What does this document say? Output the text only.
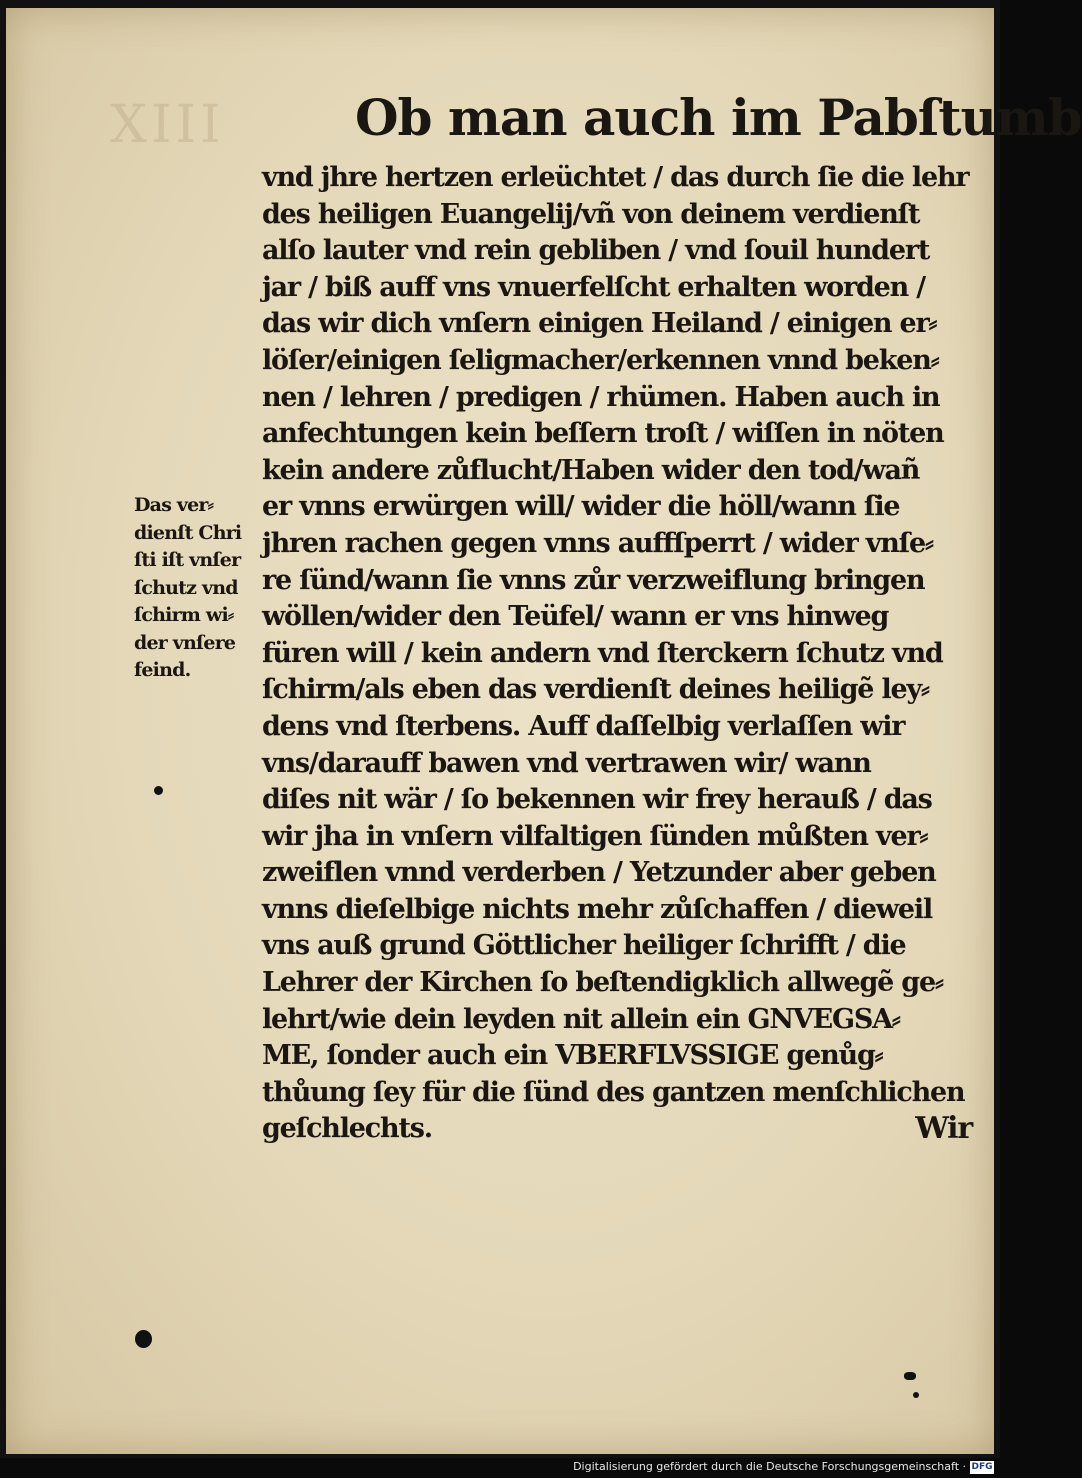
XIII	Ob man auch im Pabſtumb
vnd jhre hertzen erleüchtet / das durch ſie die lehr
des heiligen Euangelij/vñ von deinem verdienſt
alſo lauter vnd rein gebliben / vnd ſouil hundert
jar / biß auff vns vnuerfelſcht erhalten worden /
das wir dich vnſern einigen Heiland / einigen er⸗
löſer/einigen ſeligmacher/erkennen vnnd beken⸗
nen / lehren / predigen / rhümen. Haben auch in
anfechtungen kein beſſern troſt / wiſſen in nöten
kein andere zůflucht/Haben wider den tod/wañ
er vnns erwürgen will/ wider die höll/wann ſie
jhren rachen gegen vnns auffſperrt / wider vnſe⸗
re ſünd/wann ſie vnns zůr verzweiflung bringen
wöllen/wider den Teüfel/ wann er vns hinweg
füren will / kein andern vnd ſterckern ſchutz vnd
ſchirm/als eben das verdienſt deines heiligẽ ley⸗
dens vnd ſterbens. Auff daſſelbig verlaſſen wir
vns/darauff bawen vnd vertrawen wir/ wann
diſes nit wär / ſo bekennen wir frey herauß / das
wir jha in vnſern vilfaltigen ſünden můßten ver⸗
zweiflen vnnd verderben / Yetzunder aber geben
vnns dieſelbige nichts mehr zůſchaffen / dieweil
vns auß grund Göttlicher heiliger ſchrifft / die
Lehrer der Kirchen ſo beſtendigklich allwegẽ ge⸗
lehrt/wie dein leyden nit allein ein GNVEGSA⸗
ME, ſonder auch ein VBERFLVSSIGE genůg⸗
thůung ſey für die ſünd des gantzen menſchlichen
geſchlechts.	Wir
Das ver⸗
dienſt Chri
ſti iſt vnſer
ſchutz vnd
ſchirm wi⸗
der vnſere
feind.
Digitalisierung gefördert durch die Deutsche Forschungsgemeinschaft · DFG
